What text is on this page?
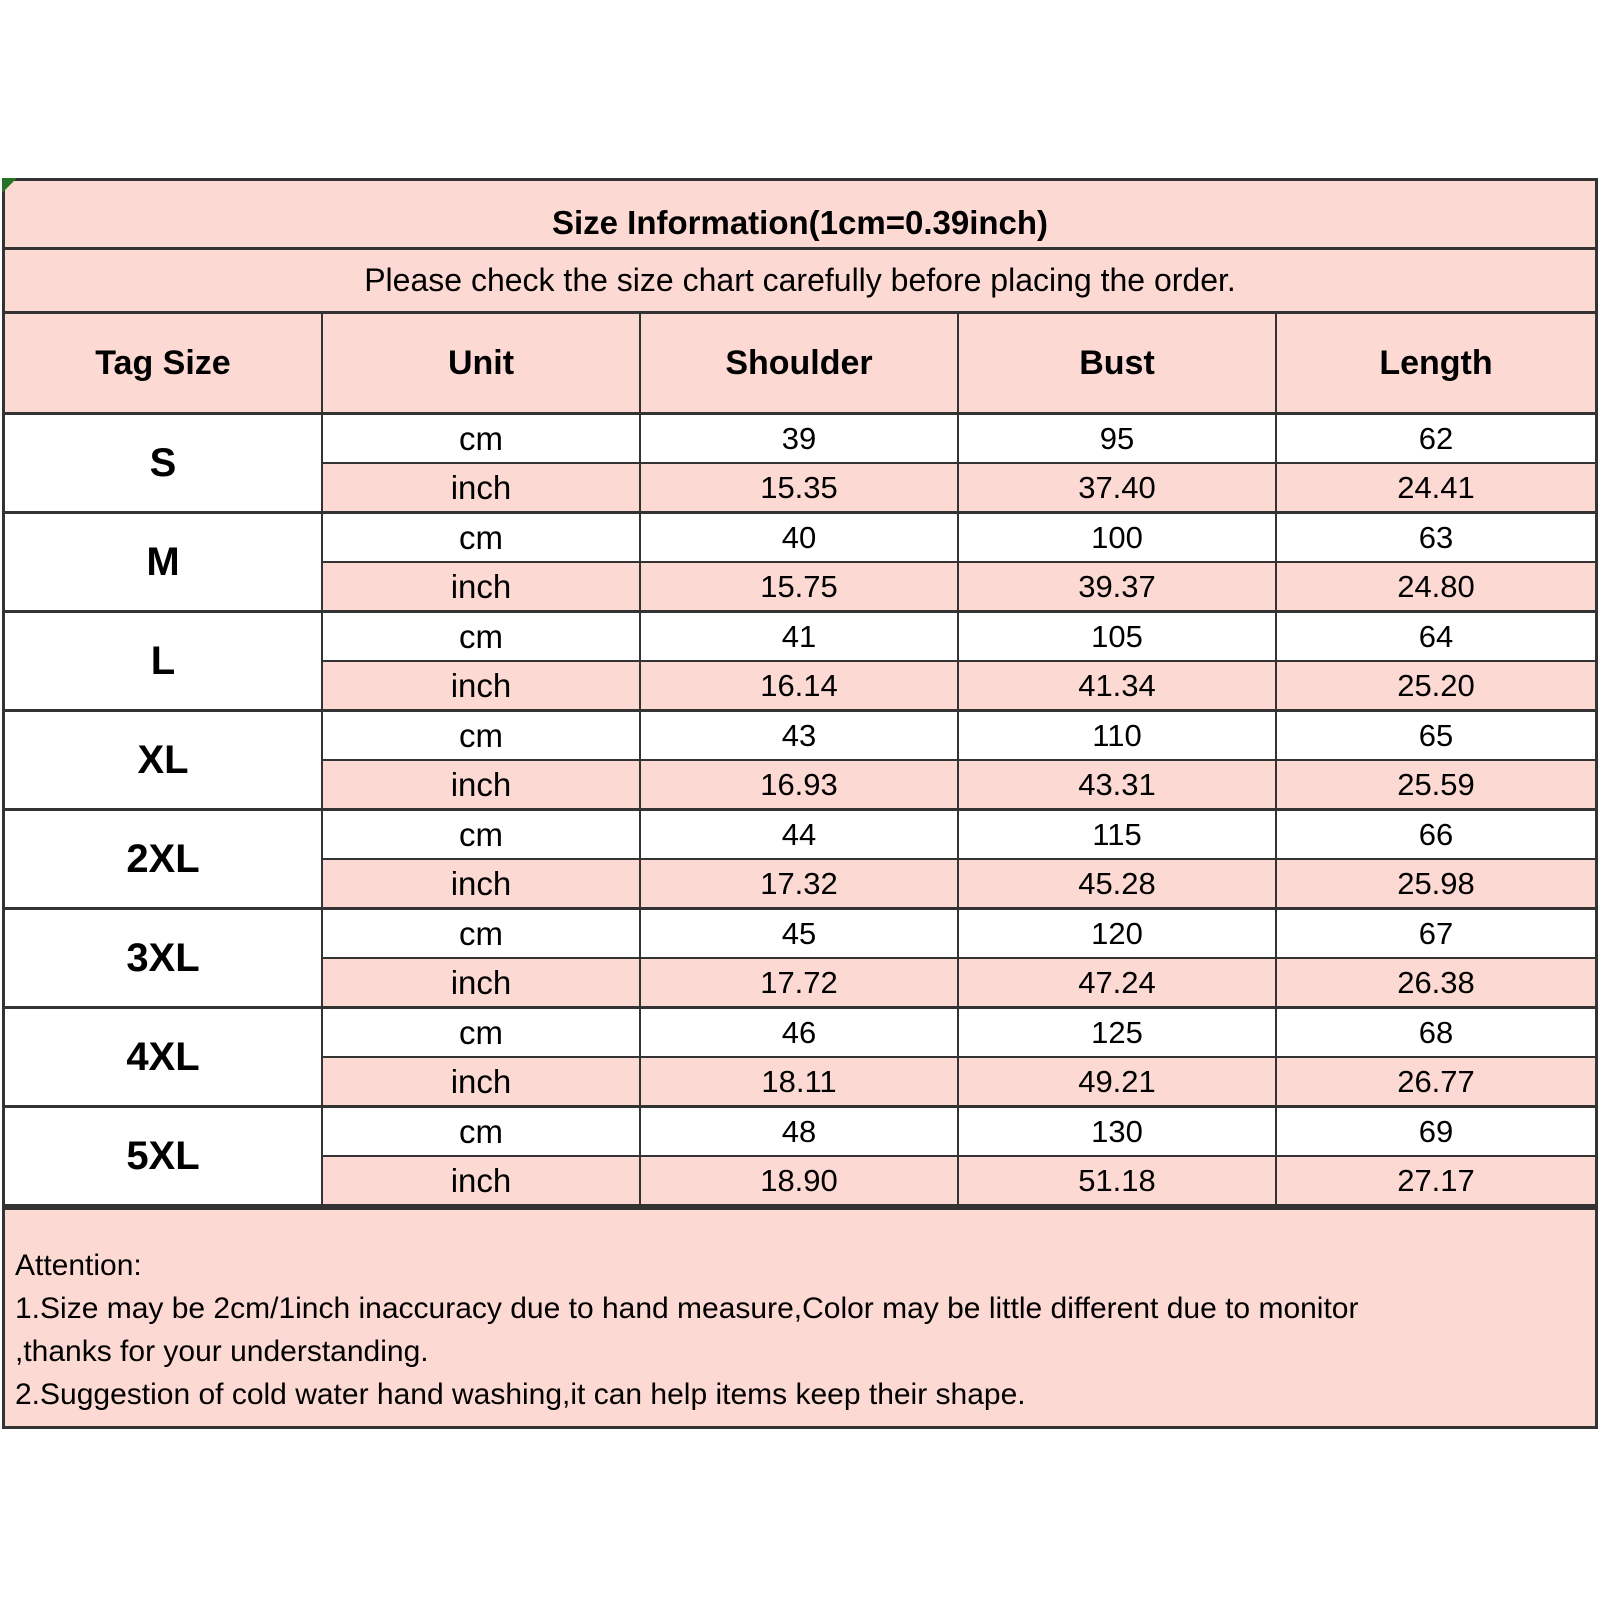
Size Information(1cm=0.39inch)
Please check the size chart carefully before placing the order.
Tag Size	Unit	Shoulder	Bust	Length
S
cm	39	95	62
inch	15.35	37.40	24.41
M
cm	40	100	63
inch	15.75	39.37	24.80
L
cm	41	105	64
inch	16.14	41.34	25.20
XL
cm	43	110	65
inch	16.93	43.31	25.59
2XL
cm	44	115	66
inch	17.32	45.28	25.98
3XL
cm	45	120	67
inch	17.72	47.24	26.38
4XL
cm	46	125	68
inch	18.11	49.21	26.77
5XL
cm	48	130	69
inch	18.90	51.18	27.17
Attention:
1.Size may be 2cm/1inch inaccuracy due to hand measure,Color may be little different due to monitor
,thanks for your understanding.
2.Suggestion of cold water hand washing,it can help items keep their shape.
